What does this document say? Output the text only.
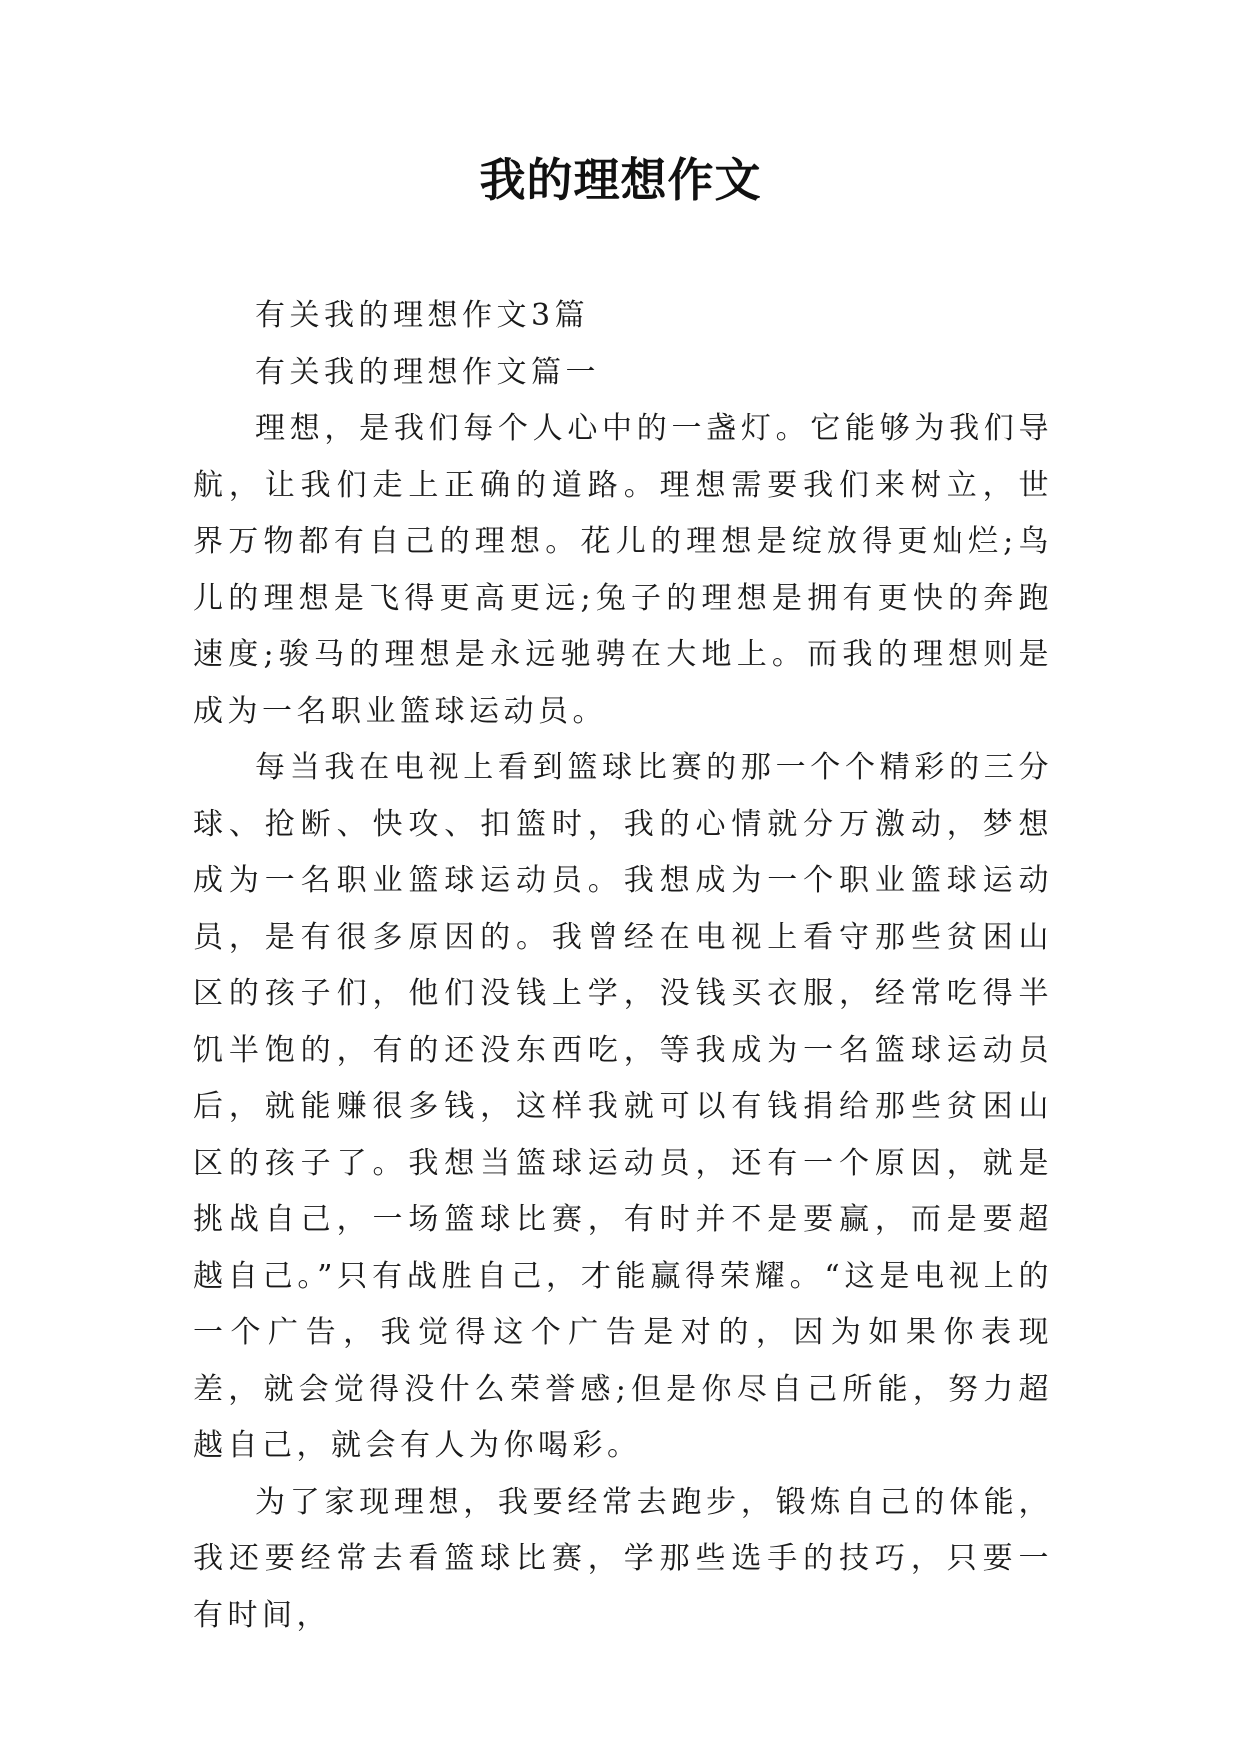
我的理想作文

有关我的理想作文3篇

有关我的理想作文篇一

理想，是我们每个人心中的一盏灯。它能够为我们导航，让我们走上正确的道路。理想需要我们来树立，世界万物都有自己的理想。花儿的理想是绽放得更灿烂;鸟儿的理想是飞得更高更远;兔子的理想是拥有更快的奔跑速度;骏马的理想是永远驰骋在大地上。而我的理想则是成为一名职业篮球运动员。

每当我在电视上看到篮球比赛的那一个个精彩的三分球、抢断、快攻、扣篮时，我的心情就分万激动，梦想成为一名职业篮球运动员。我想成为一个职业篮球运动员，是有很多原因的。我曾经在电视上看守那些贫困山区的孩子们，他们没钱上学，没钱买衣服，经常吃得半饥半饱的，有的还没东西吃，等我成为一名篮球运动员后，就能赚很多钱，这样我就可以有钱捐给那些贫困山区的孩子了。我想当篮球运动员，还有一个原因，就是挑战自己，一场篮球比赛，有时并不是要赢，而是要超越自己。”只有战胜自己，才能赢得荣耀。“这是电视上的一个广告，我觉得这个广告是对的，因为如果你表现差，就会觉得没什么荣誉感;但是你尽自己所能，努力超越自己，就会有人为你喝彩。

为了家现理想，我要经常去跑步，锻炼自己的体能，我还要经常去看篮球比赛，学那些选手的技巧，只要一有时间，
